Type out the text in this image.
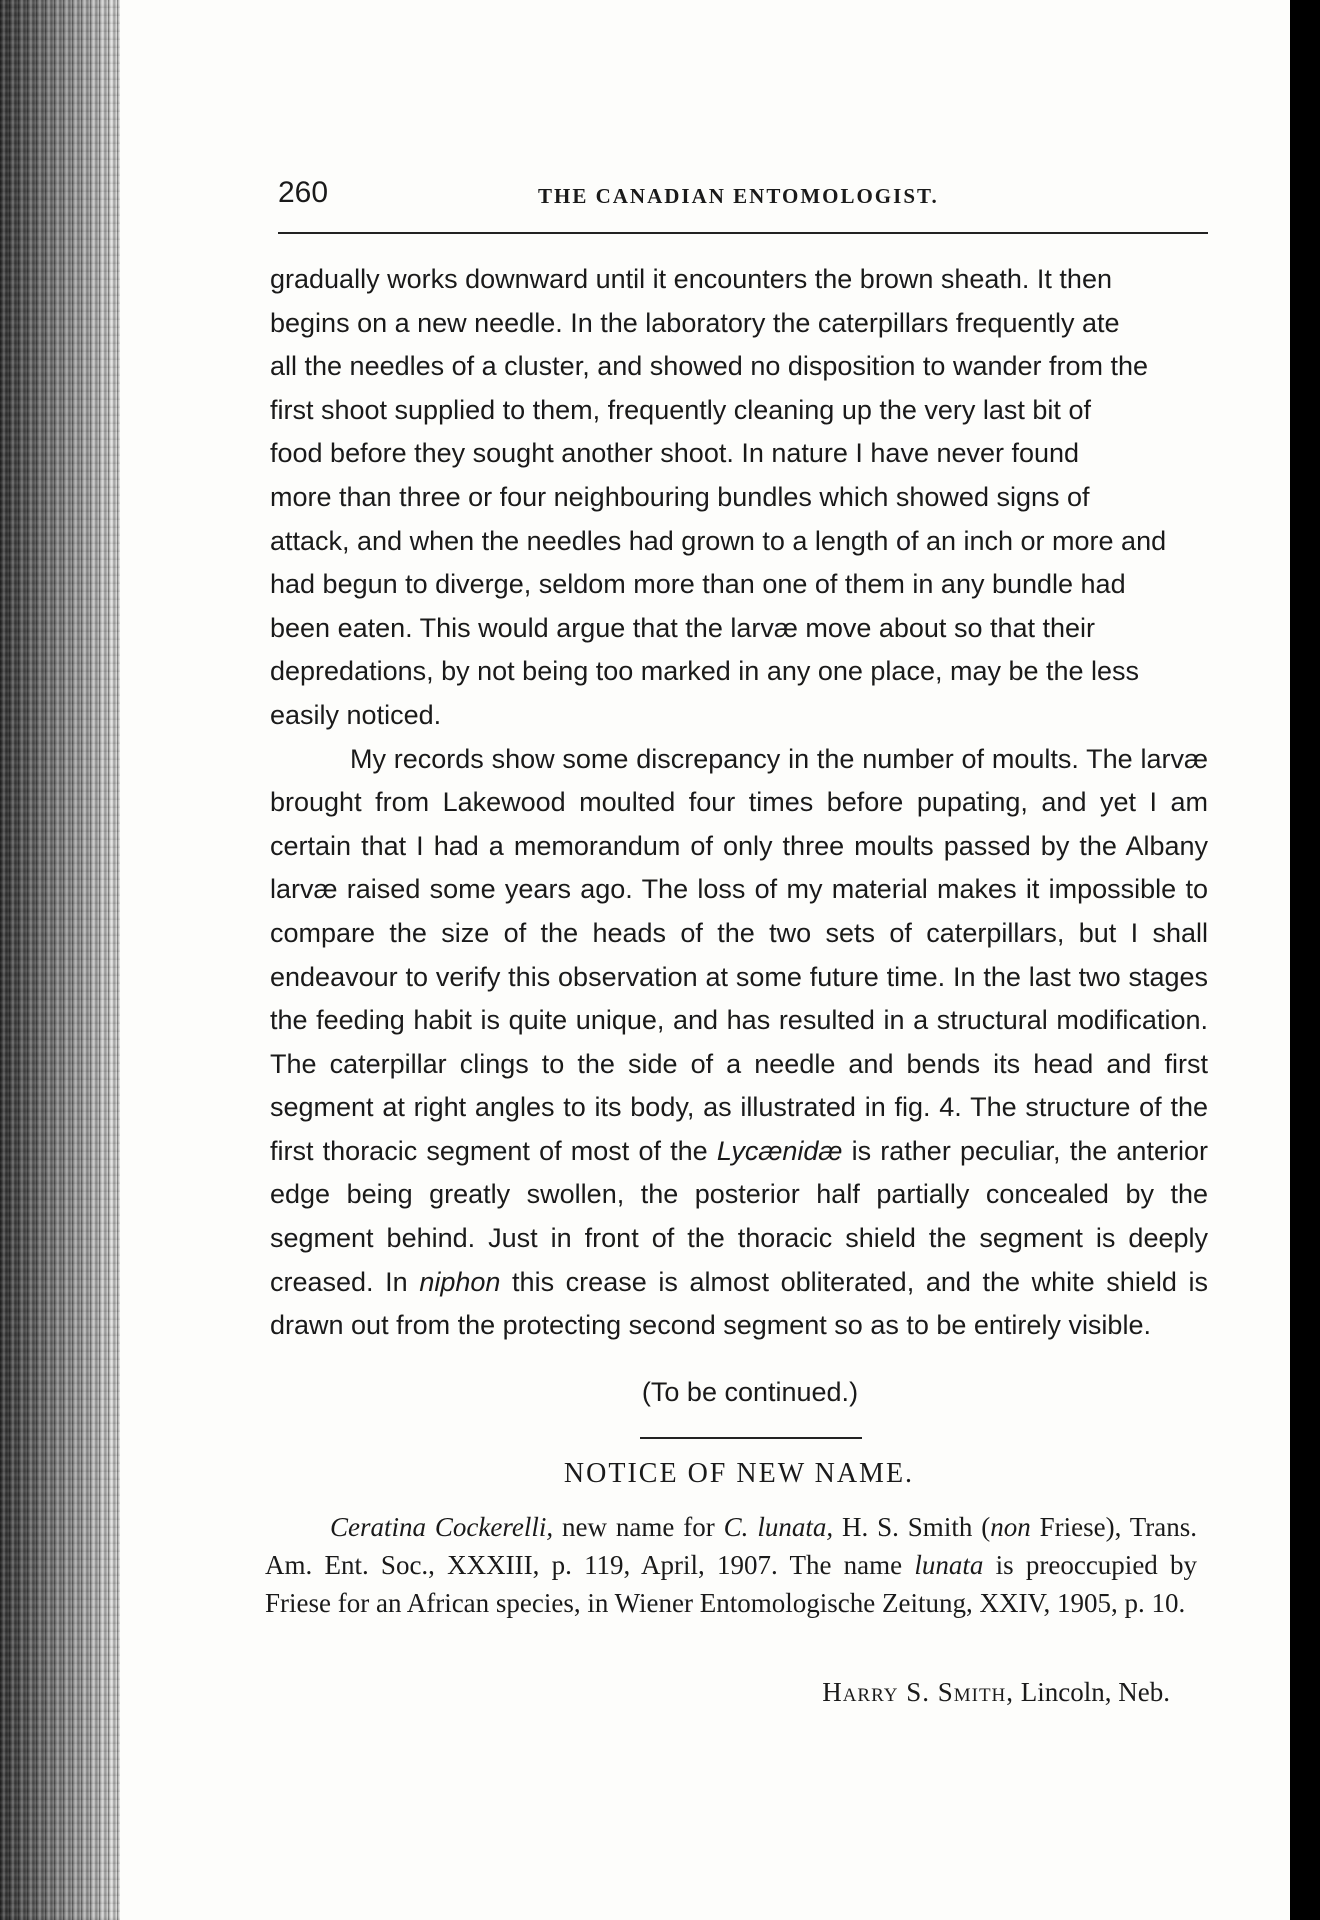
260	THE CANADIAN ENTOMOLOGIST.
gradually works downward until it encounters the brown sheath. It then
begins on a new needle. In the laboratory the caterpillars frequently ate
all the needles of a cluster, and showed no disposition to wander from the
first shoot supplied to them, frequently cleaning up the very last bit of
food before they sought another shoot. In nature I have never found
more than three or four neighbouring bundles which showed signs of
attack, and when the needles had grown to a length of an inch or more and
had begun to diverge, seldom more than one of them in any bundle had
been eaten. This would argue that the larvæ move about so that their
depredations, by not being too marked in any one place, may be the less
easily noticed.

My records show some discrepancy in the number of moults. The larvæ brought from Lakewood moulted four times before pupating, and yet I am certain that I had a memorandum of only three moults passed by the Albany larvæ raised some years ago. The loss of my material makes it impossible to compare the size of the heads of the two sets of caterpillars, but I shall endeavour to verify this observation at some future time. In the last two stages the feeding habit is quite unique, and has resulted in a structural modification. The caterpillar clings to the side of a needle and bends its head and first segment at right angles to its body, as illustrated in fig. 4. The structure of the first thoracic segment of most of the Lycænidæ is rather peculiar, the anterior edge being greatly swollen, the posterior half partially concealed by the segment behind. Just in front of the thoracic shield the segment is deeply creased. In niphon this crease is almost obliterated, and the white shield is drawn out from the protecting second segment so as to be entirely visible.

(To be continued.)
NOTICE OF NEW NAME.

Ceratina Cockerelli, new name for C. lunata, H. S. Smith (non Friese), Trans. Am. Ent. Soc., XXXIII, p. 119, April, 1907. The name lunata is preoccupied by Friese for an African species, in Wiener Entomologische Zeitung, XXIV, 1905, p. 10.

Harry S. Smith, Lincoln, Neb.
